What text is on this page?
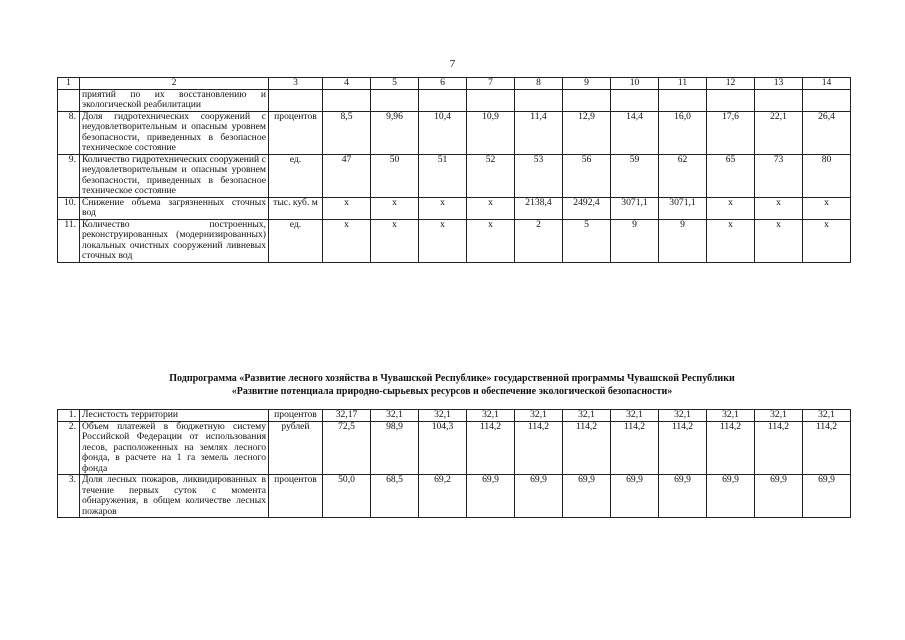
7
1	2	3	4	5	6	7	8	9	10	11	12	13	14
	приятий по их восстановлению и экологической реабилитации												
8.	Доля гидротехнических сооружений с неудовлетворительным и опасным уровнем безопасности, приведенных в безопасное техническое состояние	процентов	8,5	9,96	10,4	10,9	11,4	12,9	14,4	16,0	17,6	22,1	26,4
9.	Количество гидротехнических сооружений с неудовлетворительным и опасным уровнем безопасности, приведенных в безопасное техническое состояние	ед.	47	50	51	52	53	56	59	62	65	73	80
10.	Снижение объема загрязненных сточных вод	тыс. куб. м	x	x	x	x	2138,4	2492,4	3071,1	3071,1	x	x	x
11.	Количество построенных, реконструированных (модернизированных) локальных очистных сооружений ливневых сточных вод	ед.	x	x	x	x	2	5	9	9	x	x	x
Подпрограмма «Развитие лесного хозяйства в Чувашской Республике» государственной программы Чувашской Республики
«Развитие потенциала природно-сырьевых ресурсов и обеспечение экологической безопасности»
1.	Лесистость территории	процентов	32,17	32,1	32,1	32,1	32,1	32,1	32,1	32,1	32,1	32,1	32,1
2.	Объем платежей в бюджетную систему Российской Федерации от использования лесов, расположенных на землях лесного фонда, в расчете на 1 га земель лесного фонда	рублей	72,5	98,9	104,3	114,2	114,2	114,2	114,2	114,2	114,2	114,2	114,2
3.	Доля лесных пожаров, ликвидированных в течение первых суток с момента обнаружения, в общем количестве лесных пожаров	процентов	50,0	68,5	69,2	69,9	69,9	69,9	69,9	69,9	69,9	69,9	69,9
